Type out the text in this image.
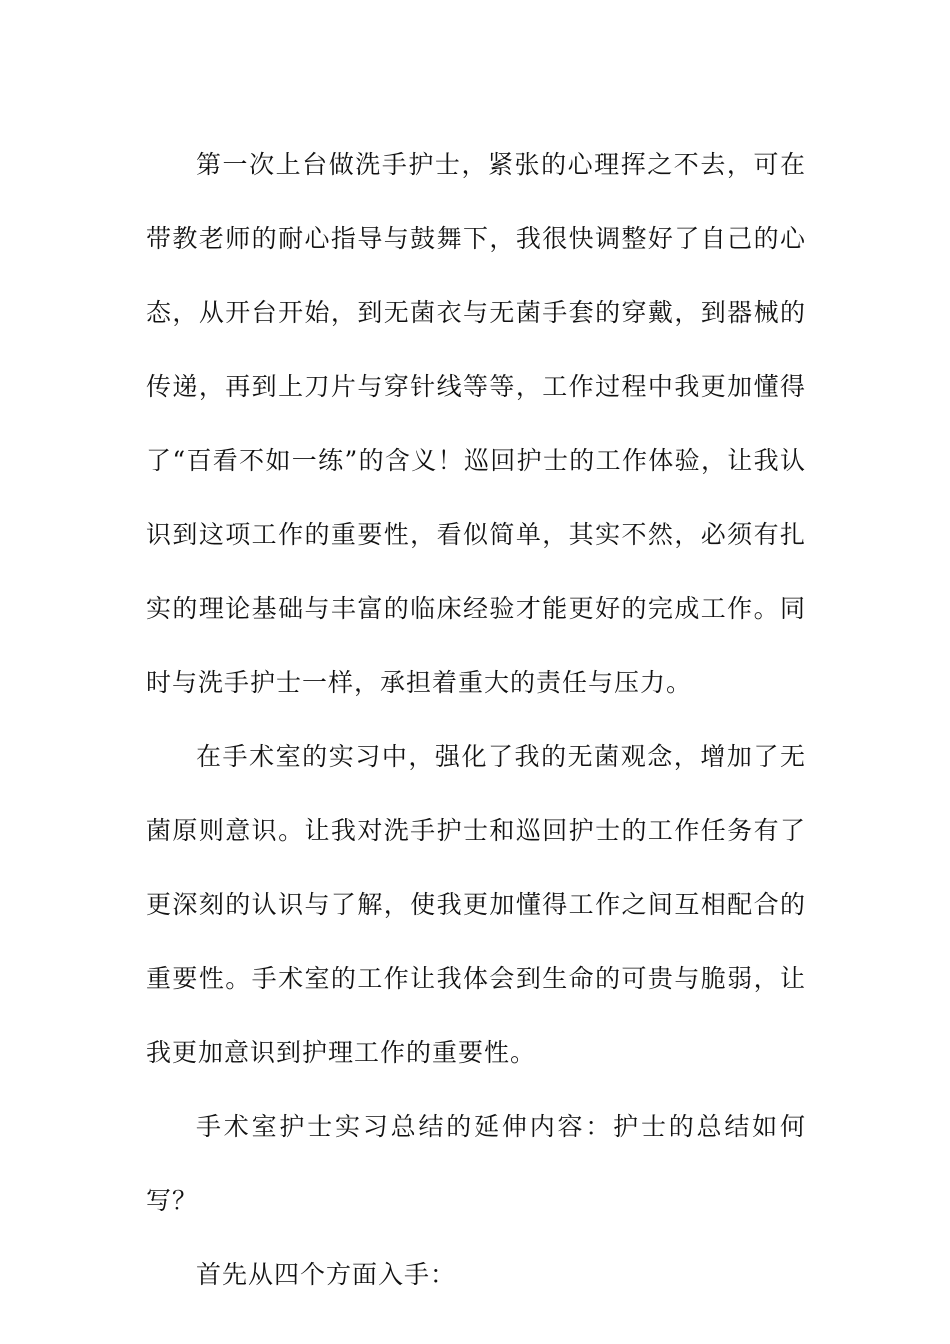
第一次上台做洗手护士，紧张的心理挥之不去，可在带教老师的耐心指导与鼓舞下，我很快调整好了自己的心态，从开台开始，到无菌衣与无菌手套的穿戴，到器械的传递，再到上刀片与穿针线等等，工作过程中我更加懂得了“百看不如一练”的含义！巡回护士的工作体验，让我认识到这项工作的重要性，看似简单，其实不然，必须有扎实的理论基础与丰富的临床经验才能更好的完成工作。同时与洗手护士一样，承担着重大的责任与压力。

在手术室的实习中，强化了我的无菌观念，增加了无菌原则意识。让我对洗手护士和巡回护士的工作任务有了更深刻的认识与了解，使我更加懂得工作之间互相配合的重要性。手术室的工作让我体会到生命的可贵与脆弱，让我更加意识到护理工作的重要性。

手术室护士实习总结的延伸内容：护士的总结如何写？

首先从四个方面入手：
